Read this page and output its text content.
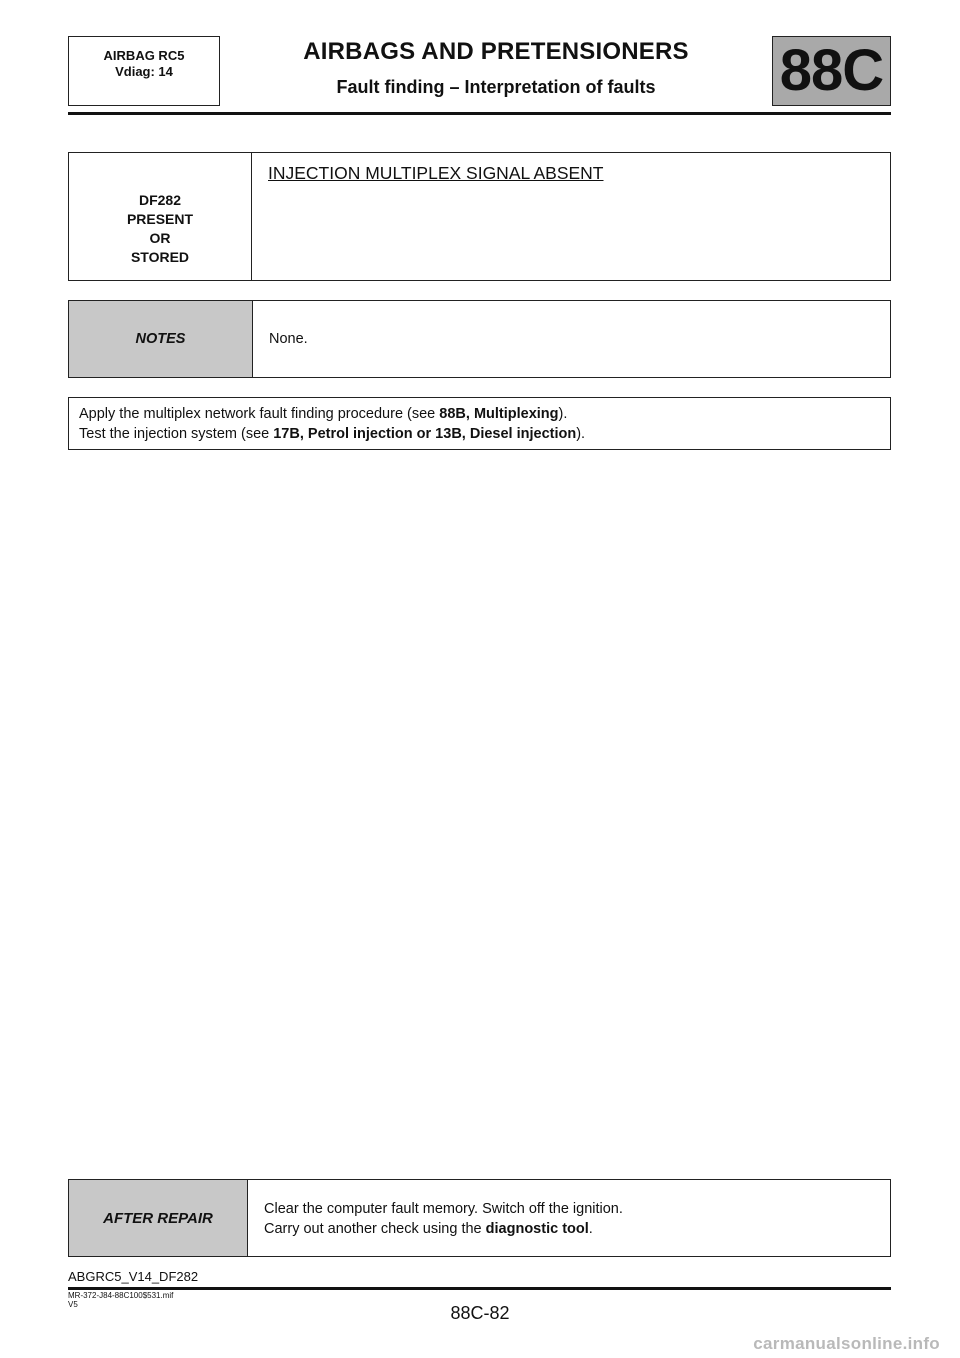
AIRBAG RC5
Vdiag: 14
AIRBAGS AND PRETENSIONERS
Fault finding – Interpretation of faults	88C
DF282
PRESENT
OR
STORED
INJECTION MULTIPLEX SIGNAL ABSENT
NOTES	None.
Apply the multiplex network fault finding procedure (see 88B, Multiplexing).
Test the injection system (see 17B, Petrol injection or 13B, Diesel injection).
AFTER REPAIR
Clear the computer fault memory. Switch off the ignition.
Carry out another check using the diagnostic tool.
ABGRC5_V14_DF282
MR-372-J84-88C100$531.mif
V5	88C-82
carmanualsonline.info
